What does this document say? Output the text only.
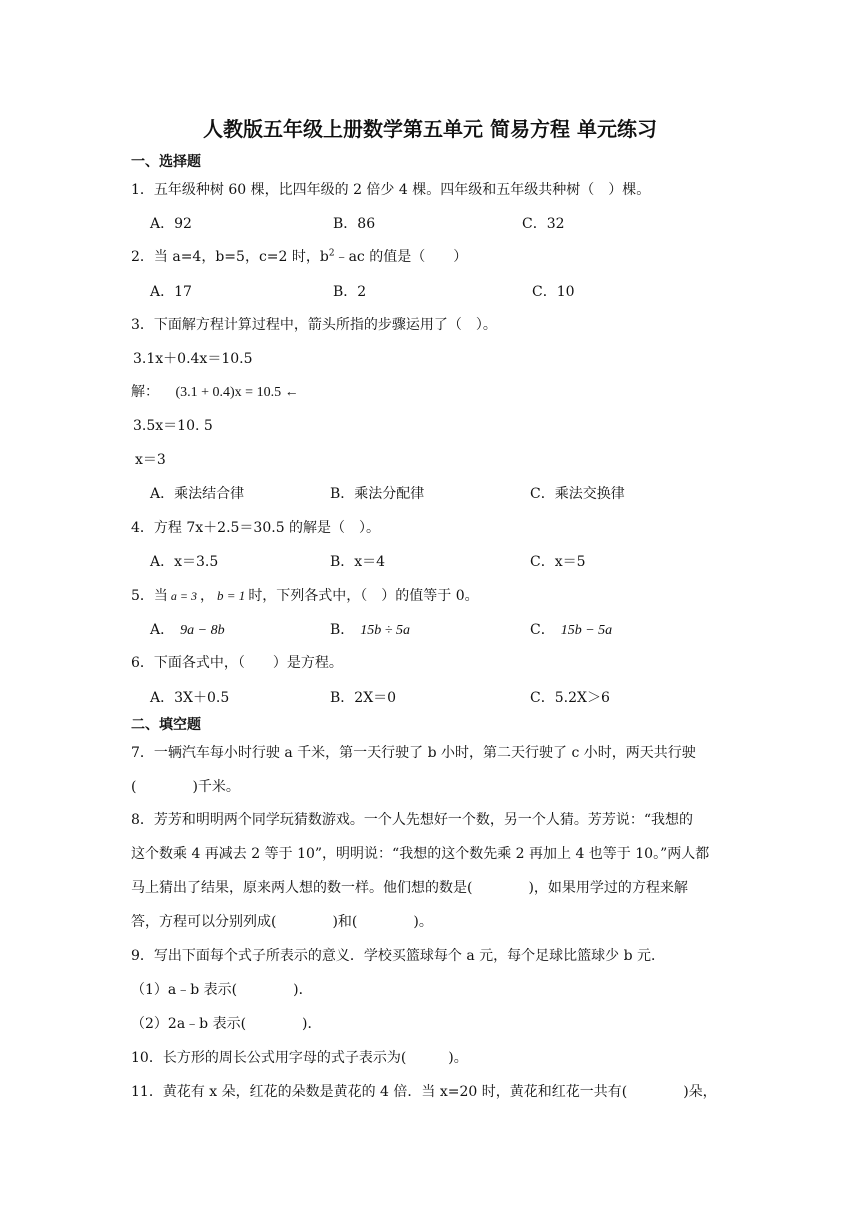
人教版五年级上册数学第五单元 简易方程 单元练习
一、选择题
1．五年级种树 60 棵，比四年级的 2 倍少 4 棵。四年级和五年级共种树（　）棵。
A．92	B．86	C．32
2．当 a=4，b=5，c=2 时，$b^2﹣ac$ 的值是（　　）
A．17	B．2	C．10
3．下面解方程计算过程中，箭头所指的步骤运用了（　）。
3.1x＋0.4x＝10.5
解： (3.1 + 0.4)x = 10.5 ←
3.5x＝10. 5
x＝3
A．乘法结合律	B．乘法分配律	C．乘法交换律
4．方程 7x＋2.5＝30.5 的解是（　）。
A．x＝3.5	B．x＝4	C．x＝5
5．当 a = 3 ， b = 1 时，下列各式中，（　）的值等于 0。
A． 9a − 8b	B． 15b ÷ 5a	C． 15b − 5a
6．下面各式中，（　　）是方程。
A．3X＋0.5	B．2X＝0	C．5.2X＞6
二、填空题
7．一辆汽车每小时行驶 a 千米，第一天行驶了 b 小时，第二天行驶了 c 小时，两天共行驶
(　　　　)千米。
8．芳芳和明明两个同学玩猜数游戏。一个人先想好一个数，另一个人猜。芳芳说：“我想的
这个数乘 4 再减去 2 等于 10”，明明说：“我想的这个数先乘 2 再加上 4 也等于 10。”两人都
马上猜出了结果，原来两人想的数一样。他们想的数是(　　　　)，如果用学过的方程来解
答，方程可以分别列成(　　　　)和(　　　　)。
9．写出下面每个式子所表示的意义．学校买篮球每个 a 元，每个足球比篮球少 b 元．
（1）a﹣b 表示(　　　　)．
（2）2a﹣b 表示(　　　　)．
10．长方形的周长公式用字母的式子表示为(　　　)。
11．黄花有 x 朵，红花的朵数是黄花的 4 倍．当 x=20 时，黄花和红花一共有(　　　　)朵，
